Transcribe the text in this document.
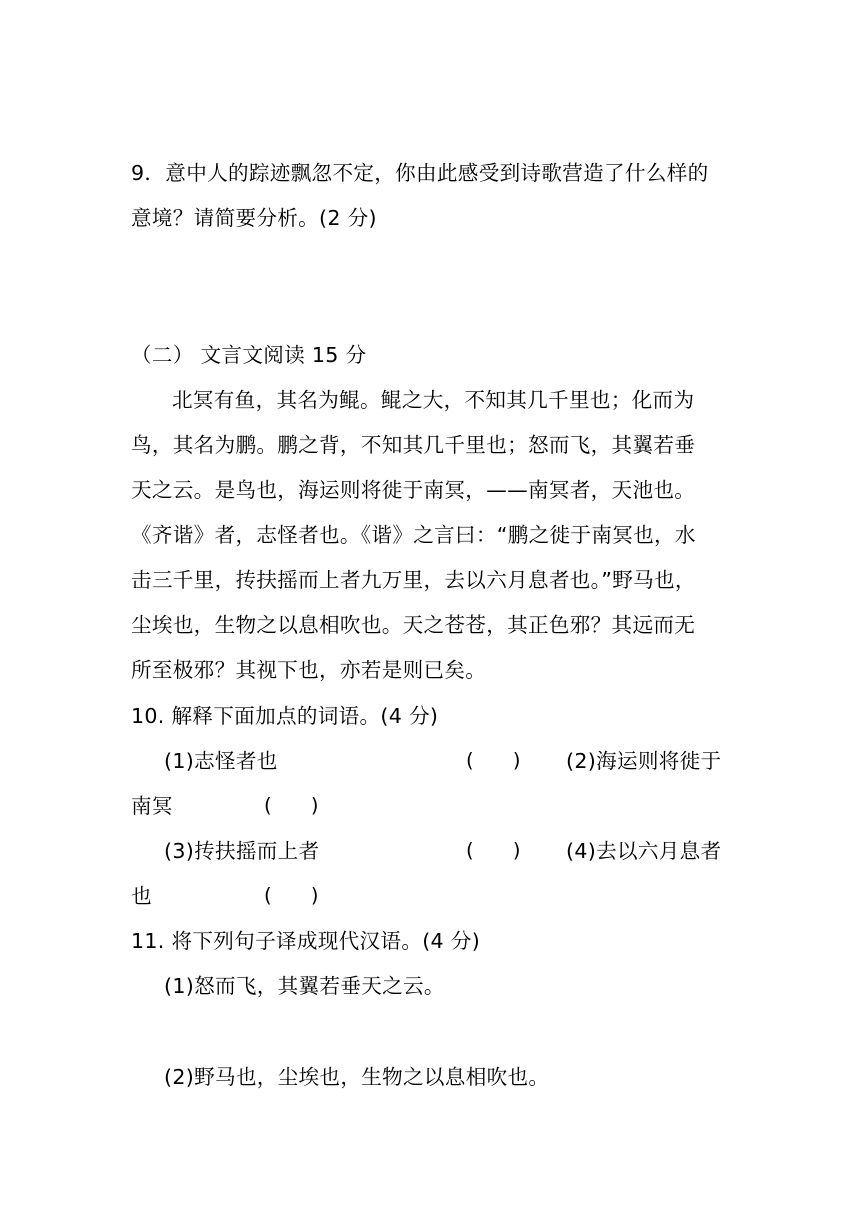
9．意中人的踪迹飘忽不定，你由此感受到诗歌营造了什么样的
意境？请简要分析。(2 分)
（二） 文言文阅读 15 分
北冥有鱼，其名为鲲。鲲之大，不知其几千里也；化而为
鸟，其名为鹏。鹏之背，不知其几千里也；怒而飞，其翼若垂
天之云。是鸟也，海运则将徙于南冥，——南冥者，天池也。
《齐谐》者，志怪者也。《谐》之言曰：“鹏之徙于南冥也，水
击三千里，抟扶摇而上者九万里，去以六月息者也。”野马也，
尘埃也，生物之以息相吹也。天之苍苍，其正色邪？其远而无
所至极邪？其视下也，亦若是则已矣。
10. 解释下面加点的词语。(4 分)
(1)志怪者也	(      ) (2)海运则将徙于
南冥	(      )
(3)抟扶摇而上者	(      ) (4)去以六月息者
也	(      )
11. 将下列句子译成现代汉语。(4 分)
(1)怒而飞，其翼若垂天之云。
(2)野马也，尘埃也，生物之以息相吹也。
